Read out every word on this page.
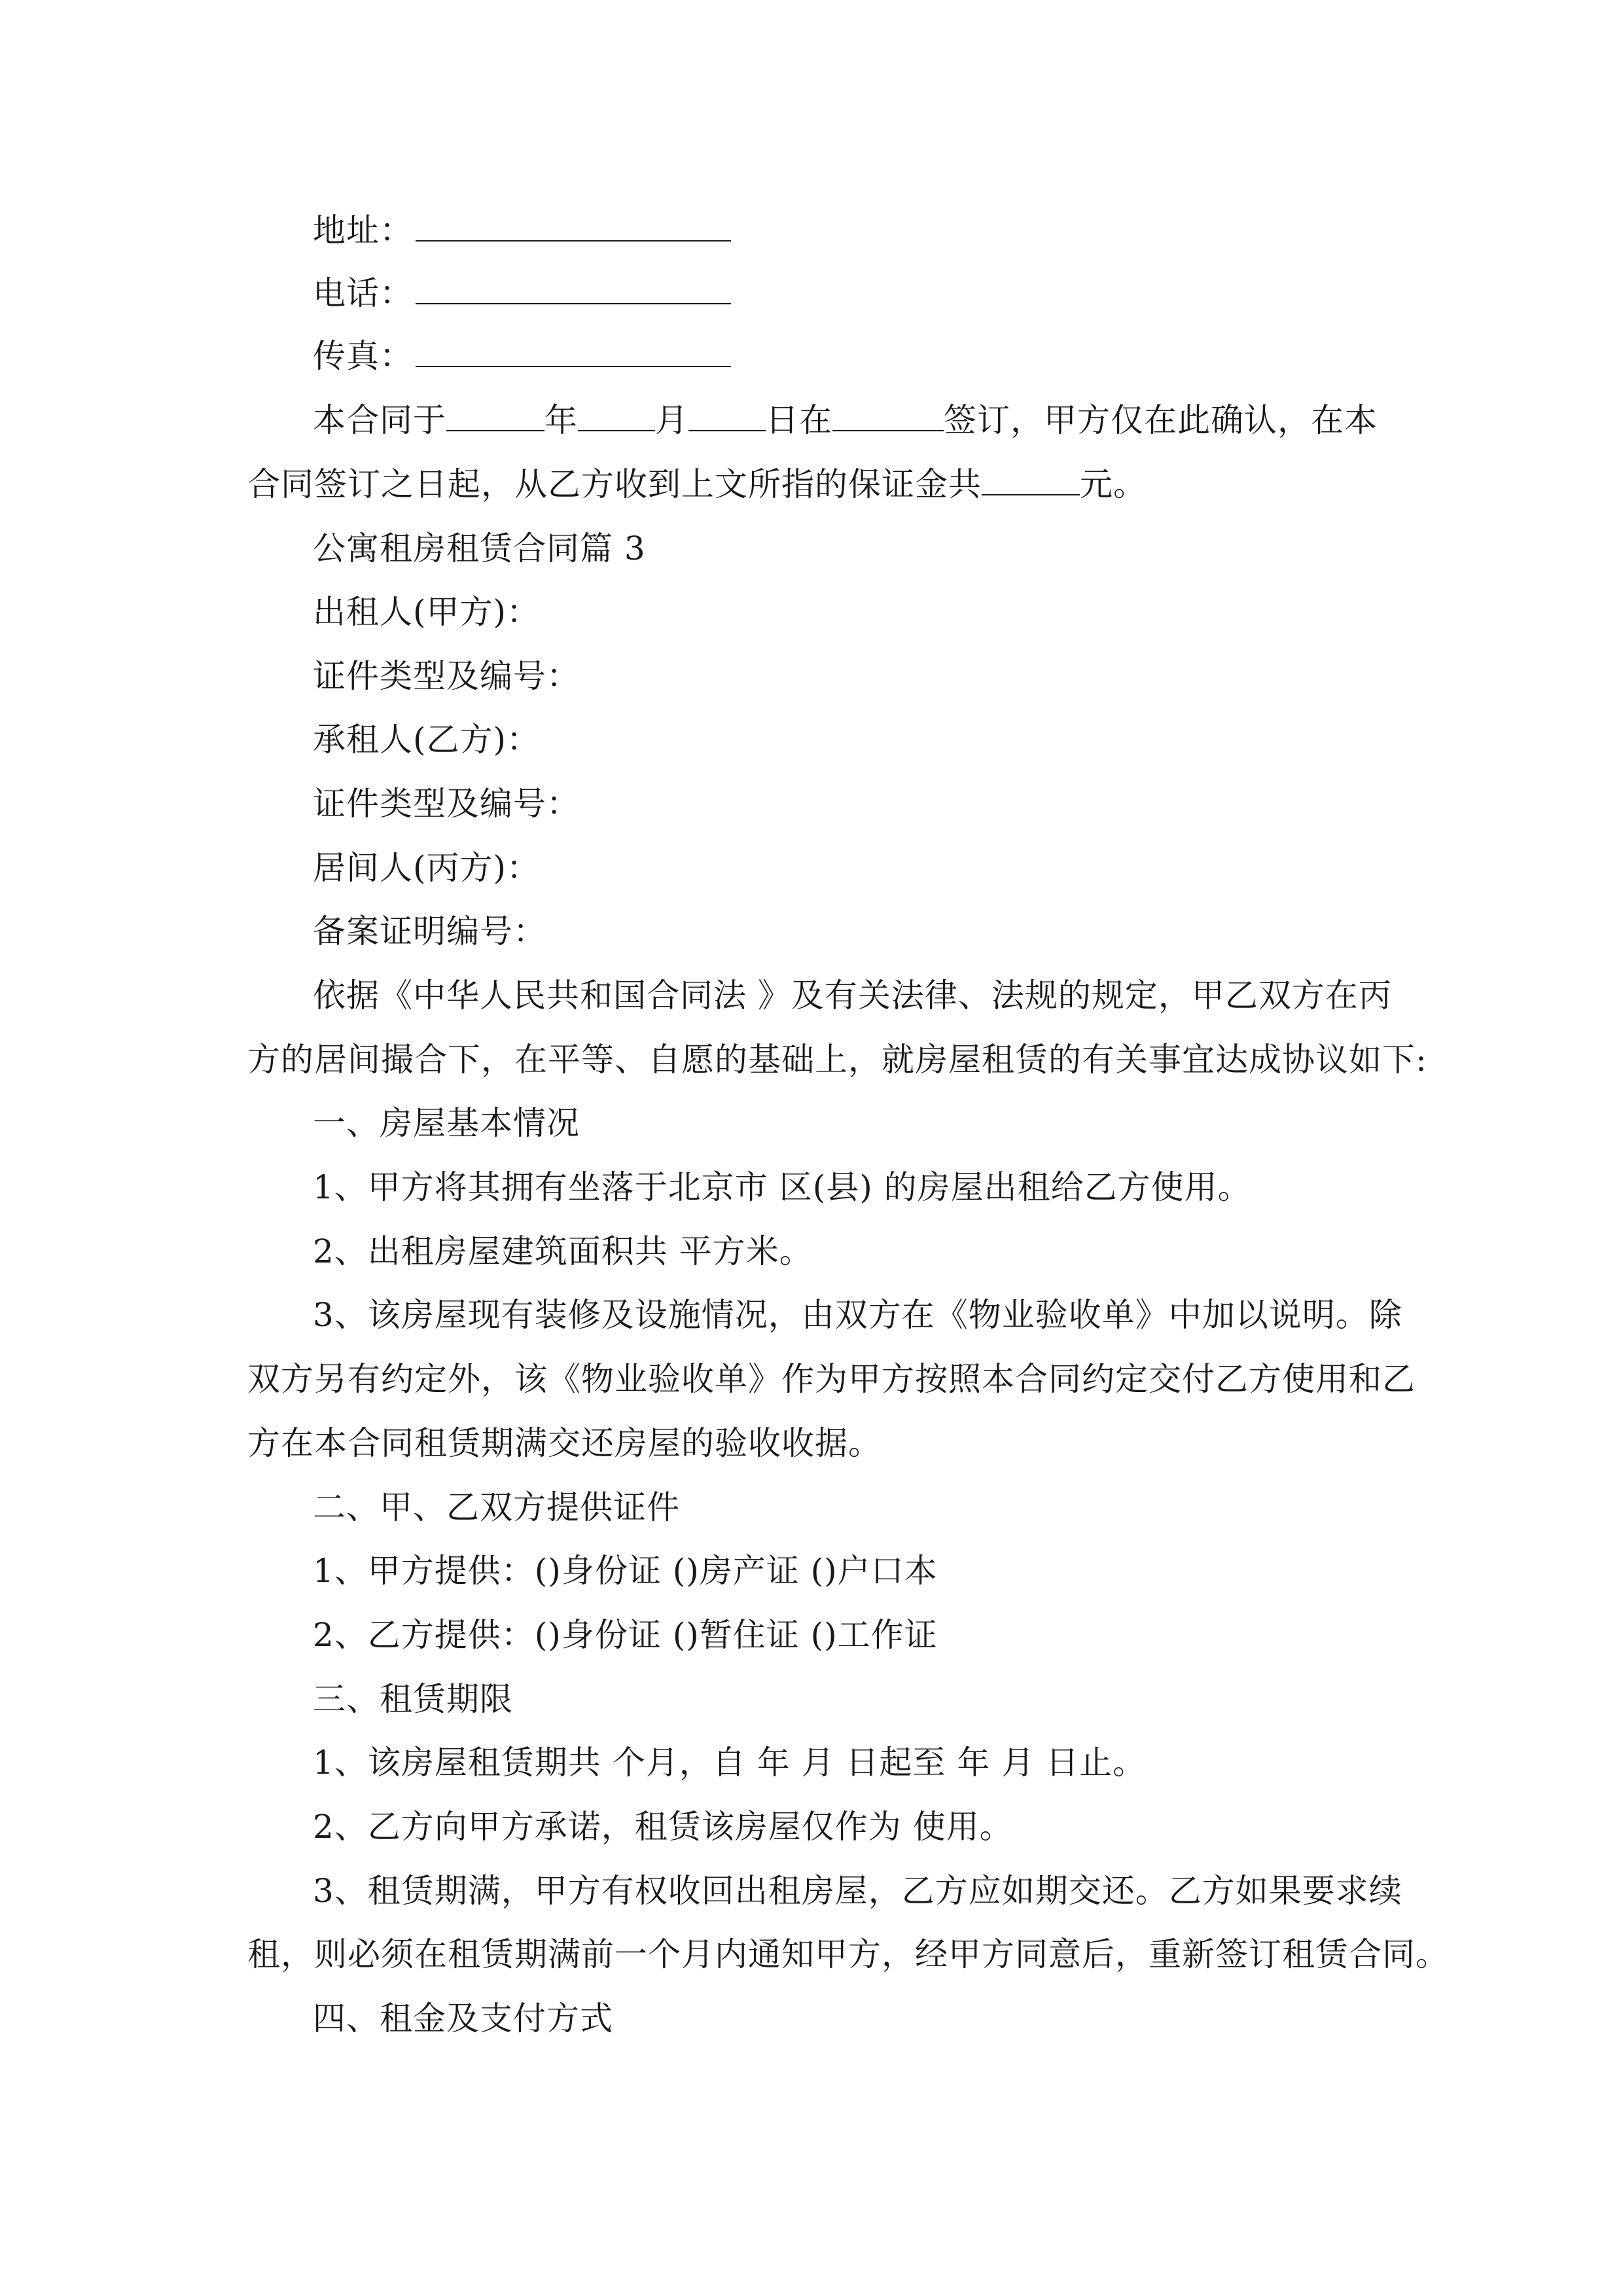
地址：
电话：
传真：
本合同于	年 月 日在	签订，甲方仅在此确认，在本
合同签订之日起，从乙方收到上文所指的保证金共	元。
公寓租房租赁合同篇 3
出租人(甲方)：
证件类型及编号：
承租人(乙方)：
证件类型及编号：
居间人(丙方)：
备案证明编号：
依据《中华人民共和国合同法 》及有关法律、法规的规定，甲乙双方在丙
方的居间撮合下，在平等、自愿的基础上，就房屋租赁的有关事宜达成协议如下:
一、房屋基本情况
1、甲方将其拥有坐落于北京市 区(县) 的房屋出租给乙方使用。
2、出租房屋建筑面积共 平方米。
3、该房屋现有装修及设施情况，由双方在《物业验收单》中加以说明。除
双方另有约定外，该《物业验收单》作为甲方按照本合同约定交付乙方使用和乙
方在本合同租赁期满交还房屋的验收收据。
二、甲、乙双方提供证件
1、甲方提供：()身份证 ()房产证 ()户口本
2、乙方提供：()身份证 ()暂住证 ()工作证
三、租赁期限
1、该房屋租赁期共 个月，自 年 月 日起至 年 月 日止。
2、乙方向甲方承诺，租赁该房屋仅作为 使用。
3、租赁期满，甲方有权收回出租房屋，乙方应如期交还。乙方如果要求续
租，则必须在租赁期满前一个月内通知甲方，经甲方同意后，重新签订租赁合同。
四、租金及支付方式
